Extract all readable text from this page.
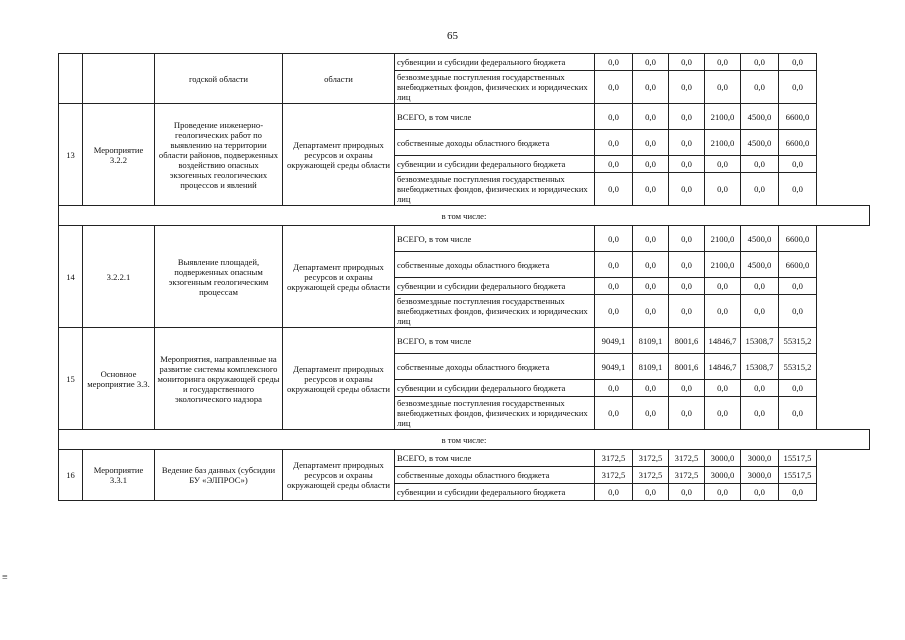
65
≡
		годской области	области	субвенции и субсидии федерального бюджета	0,0	0,0	0,0	0,0	0,0	0,0
				безвозмездные поступления государственных внебюджетных фондов, физических и юридических лиц	0,0	0,0	0,0	0,0	0,0	0,0
13	Мероприятие 3.2.2	Проведение инженерно-геологических работ по выявлению на территории области районов, подверженных воздействию опасных экзогенных геологических процессов и явлений	Департамент природных ресурсов и охраны окружающей среды области	ВСЕГО, в том числе	0,0	0,0	0,0	2100,0	4500,0	6600,0
				собственные доходы областного бюджета	0,0	0,0	0,0	2100,0	4500,0	6600,0
				субвенции и субсидии федерального бюджета	0,0	0,0	0,0	0,0	0,0	0,0
				безвозмездные поступления государственных внебюджетных фондов, физических и юридических лиц	0,0	0,0	0,0	0,0	0,0	0,0
в том числе:										
14	3.2.2.1	Выявление площадей, подверженных опасным экзогенным геологическим процессам	Департамент природных ресурсов и охраны окружающей среды области	ВСЕГО, в том числе	0,0	0,0	0,0	2100,0	4500,0	6600,0
				собственные доходы областного бюджета	0,0	0,0	0,0	2100,0	4500,0	6600,0
				субвенции и субсидии федерального бюджета	0,0	0,0	0,0	0,0	0,0	0,0
				безвозмездные поступления государственных внебюджетных фондов, физических и юридических лиц	0,0	0,0	0,0	0,0	0,0	0,0
15	Основное мероприятие 3.3.	Мероприятия, направленные на развитие системы комплексного мониторинга окружающей среды и государственного экологического надзора	Департамент природных ресурсов и охраны окружающей среды области	ВСЕГО, в том числе	9049,1	8109,1	8001,6	14846,7	15308,7	55315,2
				собственные доходы областного бюджета	9049,1	8109,1	8001,6	14846,7	15308,7	55315,2
				субвенции и субсидии федерального бюджета	0,0	0,0	0,0	0,0	0,0	0,0
				безвозмездные поступления государственных внебюджетных фондов, физических и юридических лиц	0,0	0,0	0,0	0,0	0,0	0,0
в том числе:										
16	Мероприятие 3.3.1	Ведение баз данных (субсидии БУ «ЭЛПРОС»)	Департамент природных ресурсов и охраны окружающей среды области	ВСЕГО, в том числе	3172,5	3172,5	3172,5	3000,0	3000,0	15517,5
				собственные доходы областного бюджета	3172,5	3172,5	3172,5	3000,0	3000,0	15517,5
				субвенции и субсидии федерального бюджета	0,0	0,0	0,0	0,0	0,0	0,0
